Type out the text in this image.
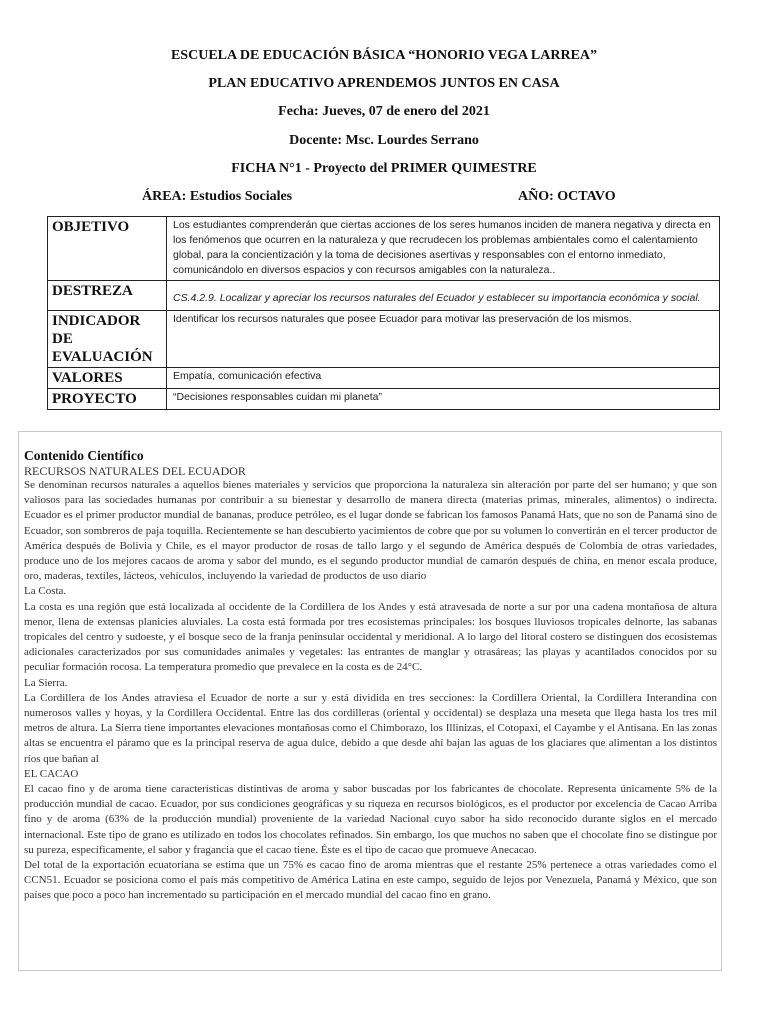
ESCUELA DE EDUCACIÓN BÁSICA “HONORIO VEGA LARREA”
PLAN EDUCATIVO APRENDEMOS JUNTOS EN CASA
Fecha: Jueves, 07 de enero del 2021
Docente: Msc. Lourdes Serrano
FICHA N°1 - Proyecto del PRIMER QUIMESTRE
ÁREA: Estudios Sociales	AÑO: OCTAVO
OBJETIVO	Los estudiantes comprenderán que ciertas acciones de los seres humanos inciden de manera negativa y directa en los fenómenos que ocurren en la naturaleza y que recrudecen los problemas ambientales como el calentamiento global, para la concientización y la toma de decisiones asertivas y responsables con el entorno inmediato, comunicándolo en diversos espacios y con recursos amigables con la naturaleza..
DESTREZA	CS.4.2.9. Localizar y apreciar los recursos naturales del Ecuador y establecer su importancia económica y social.
INDICADOR DE EVALUACIÓN	Identificar los recursos naturales que posee Ecuador para motivar las preservación de los mismos.
VALORES	Empatía, comunicación efectiva
PROYECTO	“Decisiones responsables cuidan mi planeta”
Contenido Científico
RECURSOS NATURALES DEL ECUADOR

Se denominan recursos naturales a aquellos bienes materiales y servicios que proporciona la naturaleza sin alteración por parte del ser humano; y que son valiosos para las sociedades humanas por contribuir a su bienestar y desarrollo de manera directa (materias primas, minerales, alimentos) o indirecta. Ecuador es el primer productor mundial de bananas, produce petróleo, es el lugar donde se fabrican los famosos Panamá Hats, que no son de Panamá sino de Ecuador, son sombreros de paja toquilla. Recientemente se han descubierto yacimientos de cobre que por su volumen lo convertirán en el tercer productor de América después de Bolivia y Chile, es el mayor productor de rosas de tallo largo y el segundo de América después de Colombia de otras variedades, produce uno de los mejores cacaos de aroma y sabor del mundo, es el segundo productor mundial de camarón después de china, en menor escala produce, oro, maderas, textiles, lácteos, vehículos, incluyendo la variedad de productos de uso diario

La Costa.

La costa es una región que está localizada al occidente de la Cordillera de los Andes y está atravesada de norte a sur por una cadena montañosa de altura menor, llena de extensas planicies aluviales. La costa está formada por tres ecosistemas principales: los bosques lluviosos tropicales delnorte, las sabanas tropicales del centro y sudoeste, y el bosque seco de la franja peninsular occidental y meridional. A lo largo del litoral costero se distinguen dos ecosistemas adicionales caracterizados por sus comunidades animales y vegetales: las entrantes de manglar y otrasáreas; las playas y acantilados conocidos por su peculiar formación rocosa. La temperatura promedio que prevalece en la costa es de 24°C.

La Sierra.

La Cordillera de los Andes atraviesa el Ecuador de norte a sur y está dividida en tres secciones: la Cordillera Oriental, la Cordillera Interandina con numerosos valles y hoyas, y la Cordillera Occidental. Entre las dos cordilleras (oriental y occidental) se desplaza una meseta que llega hasta los tres mil metros de altura. La Sierra tiene importantes elevaciones montañosas como el Chimborazo, los Illinizas, el Cotopaxi, el Cayambe y el Antisana. En las zonas altas se encuentra el páramo que es la principal reserva de agua dulce, debido a que desde ahí bajan las aguas de los glaciares que alimentan a los distintos ríos que bañan al

EL CACAO

El cacao fino y de aroma tiene características distintivas de aroma y sabor buscadas por los fabricantes de chocolate. Representa únicamente 5% de la producción mundial de cacao. Ecuador, por sus condiciones geográficas y su riqueza en recursos biológicos, es el productor por excelencia de Cacao Arriba fino y de aroma (63% de la producción mundial) proveniente de la variedad Nacional cuyo sabor ha sido reconocido durante siglos en el mercado internacional. Este tipo de grano es utilizado en todos los chocolates refinados. Sin embargo, los que muchos no saben que el chocolate fino se distingue por su pureza, específicamente, el sabor y fragancia que el cacao tiene. Éste es el tipo de cacao que promueve Anecacao.

Del total de la exportación ecuatoriana se estima que un 75% es cacao fino de aroma mientras que el restante 25% pertenece a otras variedades como el CCN51. Ecuador se posiciona como el país más competitivo de América Latina en este campo, seguido de lejos por Venezuela, Panamá y México, que son países que poco a poco han incrementado su participación en el mercado mundial del cacao fino en grano.
